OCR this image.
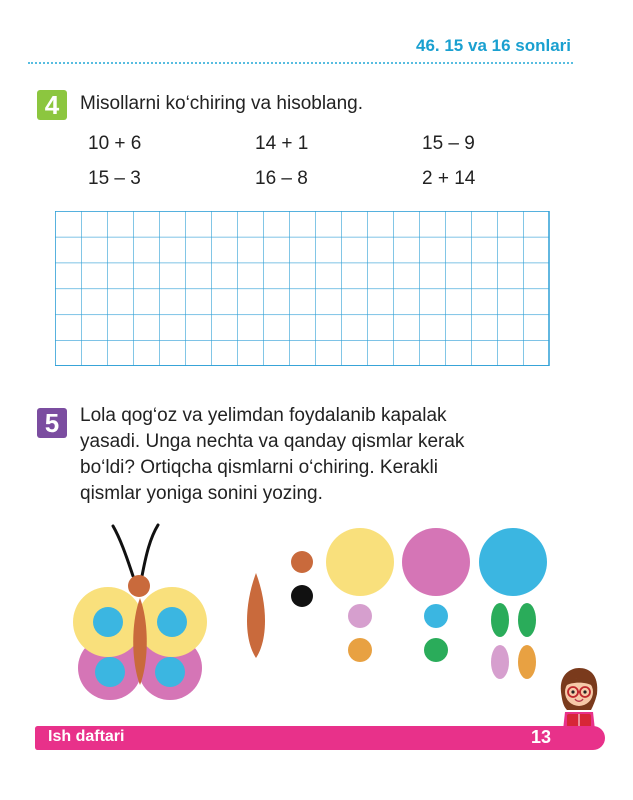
46. 15 va 16 sonlari
4	Misollarni ko‘chiring va hisoblang.
10 + 6	14 + 1	15 – 9
15 – 3	16 – 8	2 + 14
5	Lola qog‘oz va yelimdan foydalanib kapalak
yasadi. Unga nechta va qanday qismlar kerak
bo‘ldi? Ortiqcha qismlarni o‘chiring. Kerakli
qismlar yoniga sonini yozing.
Ish daftari	13
